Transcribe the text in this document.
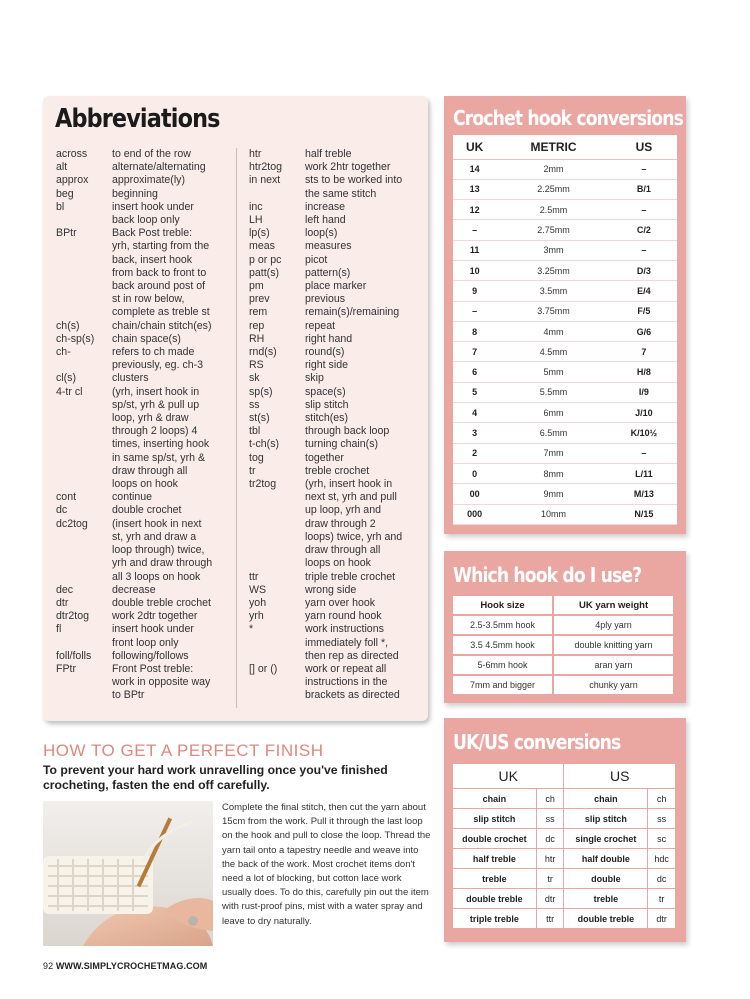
Abbreviations
across	to end of the row
alt	alternate/alternating
approx	approximate(ly)
beg	beginning
bl	insert hook under
back loop only
BPtr	Back Post treble:
yrh, starting from the
back, insert hook
from back to front to
back around post of
st in row below,
complete as treble st
ch(s)	chain/chain stitch(es)
ch-sp(s)	chain space(s)
ch-	refers to ch made
previously, eg. ch-3
cl(s)	clusters
4-tr cl	(yrh, insert hook in
sp/st, yrh & pull up
loop, yrh & draw
through 2 loops) 4
times, inserting hook
in same sp/st, yrh &
draw through all
loops on hook
cont	continue
dc	double crochet
dc2tog	(insert hook in next
st, yrh and draw a
loop through) twice,
yrh and draw through
all 3 loops on hook
dec	decrease
dtr	double treble crochet
dtr2tog	work 2dtr together
fl	insert hook under
front loop only
foll/folls	following/follows
FPtr	Front Post treble:
work in opposite way
to BPtr
htr	half treble
htr2tog	work 2htr together
in next	sts to be worked into
the same stitch
inc	increase
LH	left hand
lp(s)	loop(s)
meas	measures
p or pc	picot
patt(s)	pattern(s)
pm	place marker
prev	previous
rem	remain(s)/remaining
rep	repeat
RH	right hand
rnd(s)	round(s)
RS	right side
sk	skip
sp(s)	space(s)
ss	slip stitch
st(s)	stitch(es)
tbl	through back loop
t-ch(s)	turning chain(s)
tog	together
tr	treble crochet
tr2tog	(yrh, insert hook in
next st, yrh and pull
up loop, yrh and
draw through 2
loops) twice, yrh and
draw through all
loops on hook
ttr	triple treble crochet
WS	wrong side
yoh	yarn over hook
yrh	yarn round hook
*	work instructions
immediately foll *,
then rep as directed
[] or ()	work or repeat all
instructions in the
brackets as directed
Crochet hook conversions
UK	METRIC	US
14	2mm	–
13	2.25mm	B/1
12	2.5mm	–
–	2.75mm	C/2
11	3mm	–
10	3.25mm	D/3
9	3.5mm	E/4
–	3.75mm	F/5
8	4mm	G/6
7	4.5mm	7
6	5mm	H/8
5	5.5mm	I/9
4	6mm	J/10
3	6.5mm	K/10½
2	7mm	–
0	8mm	L/11
00	9mm	M/13
000	10mm	N/15
Which hook do I use?
Hook size	UK yarn weight
2.5-3.5mm hook	4ply yarn
3.5 4.5mm hook	double knitting yarn
5-6mm hook	aran yarn
7mm and bigger	chunky yarn
UK/US conversions
UK		US	
chain	ch	chain	ch
slip stitch	ss	slip stitch	ss
double crochet	dc	single crochet	sc
half treble	htr	half double	hdc
treble	tr	double	dc
double treble	dtr	treble	tr
triple treble	ttr	double treble	dtr
HOW TO GET A PERFECT FINISH

To prevent your hard work unravelling once you've finished crocheting, fasten the end off carefully.

Complete the final stitch, then cut the yarn about 15cm from the work. Pull it through the last loop on the hook and pull to close the loop. Thread the yarn tail onto a tapestry needle and weave into the back of the work. Most crochet items don't need a lot of blocking, but cotton lace work usually does. To do this, carefully pin out the item with rust-proof pins, mist with a water spray and leave to dry naturally.

92 WWW.SIMPLYCROCHETMAG.COM
